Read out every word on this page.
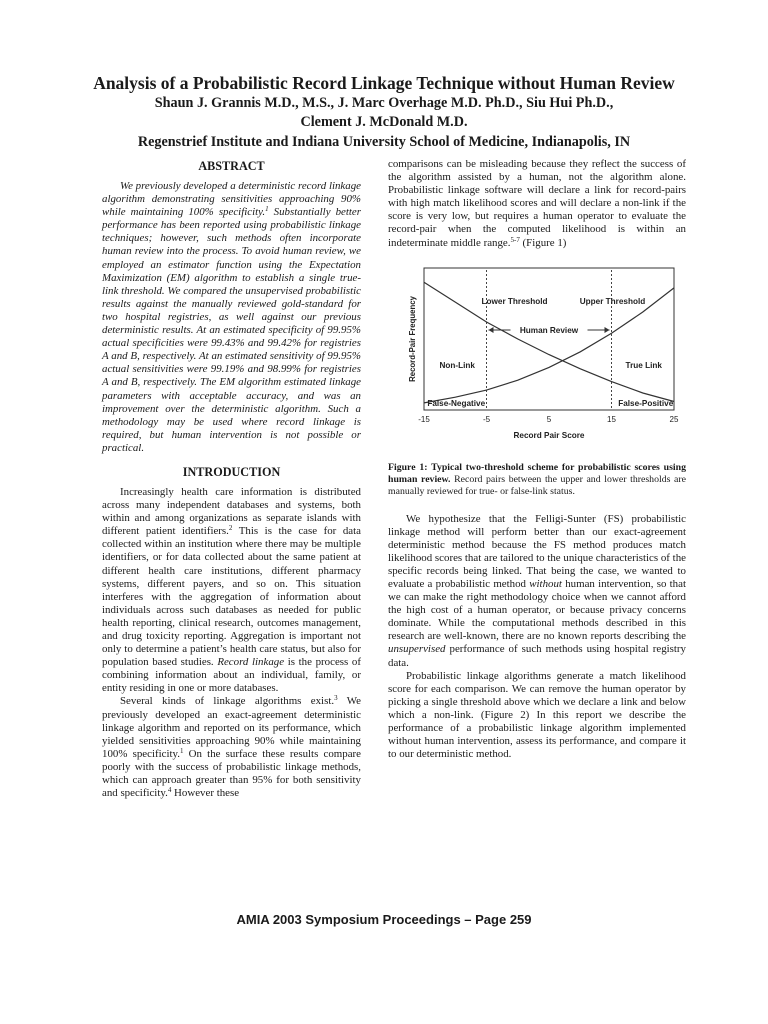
Analysis of a Probabilistic Record Linkage Technique without Human Review

Shaun J. Grannis M.D., M.S., J. Marc Overhage M.D. Ph.D., Siu Hui Ph.D.,

Clement J. McDonald M.D.

Regenstrief Institute and Indiana University School of Medicine, Indianapolis, IN

ABSTRACT

We previously developed a deterministic record linkage algorithm demonstrating sensitivities approaching 90% while maintaining 100% specificity.$^1$ Substantially better performance has been reported using probabilistic linkage techniques; however, such methods often incorporate human review into the process. To avoid human review, we employed an estimator function using the Expectation Maximization (EM) algorithm to establish a single true-link threshold. We compared the unsupervised probabilistic results against the manually reviewed gold-standard for two hospital registries, as well against our previous deterministic results. At an estimated specificity of 99.95% actual specificities were 99.43% and 99.42% for registries A and B, respectively. At an estimated sensitivity of 99.95% actual sensitivities were 99.19% and 98.99% for registries A and B, respectively. The EM algorithm estimated linkage parameters with acceptable accuracy, and was an improvement over the deterministic algorithm. Such a methodology may be used where record linkage is required, but human intervention is not possible or practical.

INTRODUCTION

Increasingly health care information is distributed across many independent databases and systems, both within and among organizations as separate islands with different patient identifiers.$^2$ This is the case for data collected within an institution where there may be multiple identifiers, or for data collected about the same patient at different health care institutions, different pharmacy systems, different payers, and so on. This situation interferes with the aggregation of information about individuals across such databases as needed for public health reporting, clinical research, outcomes management, and drug toxicity reporting. Aggregation is important not only to determine a patient’s health care status, but also for population based studies. Record linkage is the process of combining information about an individual, family, or entity residing in one or more databases.

Several kinds of linkage algorithms exist.$^3$ We previously developed an exact-agreement deterministic linkage algorithm and reported on its performance, which yielded sensitivities approaching 90% while maintaining 100% specificity.$^1$ On the surface these results compare poorly with the success of probabilistic linkage methods, which can approach greater than 95% for both sensitivity and specificity.$^4$ However these

comparisons can be misleading because they reflect the success of the algorithm assisted by a human, not the algorithm alone. Probabilistic linkage software will declare a link for record-pairs with high match likelihood scores and will declare a non-link if the score is very low, but requires a human operator to evaluate the record-pair when the computed likelihood is within an indeterminate middle range.$^{5-7}$ (Figure 1)

Lower Threshold	Upper Threshold
Human Review
Non-Link	True Link
False-Negative	False-Positive
-15	-5	5	15	25
Record Pair Score
Record-Pair Frequency

Figure 1: Typical two-threshold scheme for probabilistic scores using human review. Record pairs between the upper and lower thresholds are manually reviewed for true- or false-link status.

We hypothesize that the Felligi-Sunter (FS) probabilistic linkage method will perform better than our exact-agreement deterministic method because the FS method produces match likelihood scores that are tailored to the unique characteristics of the specific records being linked. That being the case, we wanted to evaluate a probabilistic method without human intervention, so that we can make the right methodology choice when we cannot afford the high cost of a human operator, or because privacy concerns dominate. While the computational methods described in this research are well-known, there are no known reports describing the unsupervised performance of such methods using hospital registry data.

Probabilistic linkage algorithms generate a match likelihood score for each comparison. We can remove the human operator by picking a single threshold above which we declare a link and below which a non-link. (Figure 2) In this report we describe the performance of a probabilistic linkage algorithm implemented without human intervention, assess its performance, and compare it to our deterministic method.

AMIA 2003 Symposium Proceedings – Page 259
